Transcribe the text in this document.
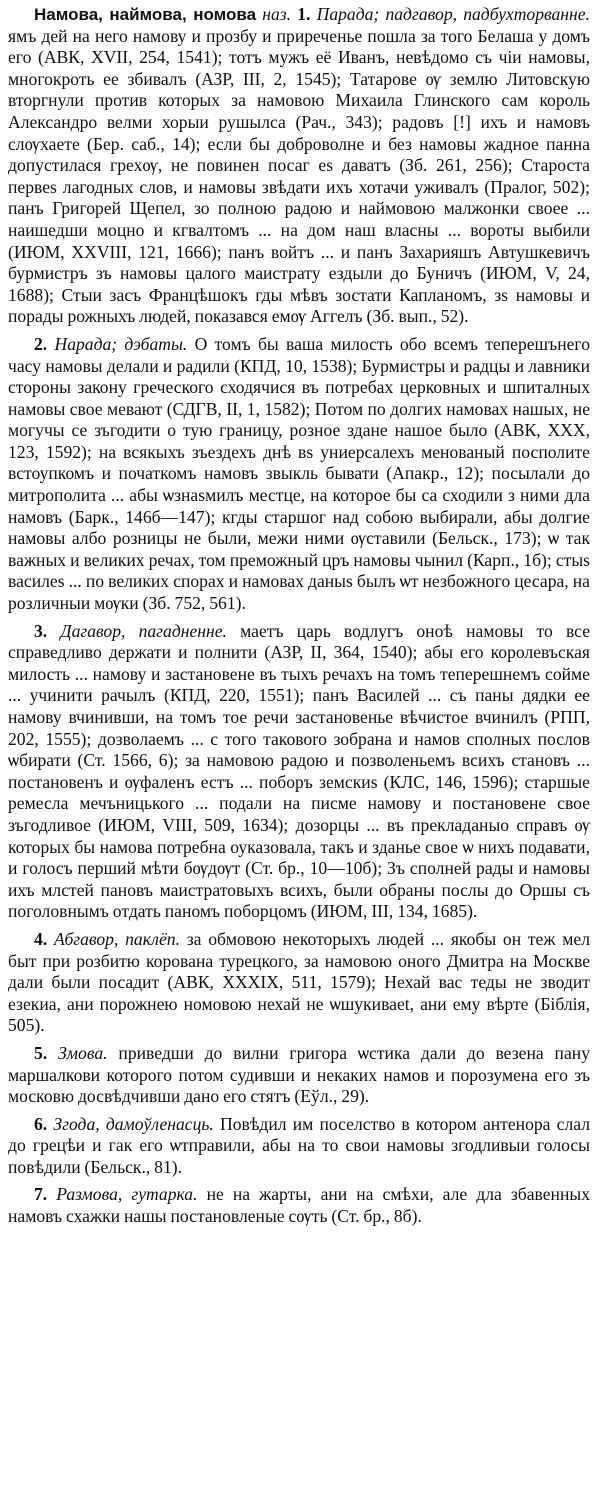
Намова, наймова, номова наз. 1. Парада; падгавор, падбухторванне. ямъ дей на него намову и прозбу и приреченье пошла за того Белаша у домъ его (АВК, XVII, 254, 1541); тотъ мужъ её Иванъ, невѣдомо съ чіи намовы, многокроть ее збивалъ (АЗР, III, 2, 1545); Татарове ѹ землю Литовскую вторгнули против которых за намовою Михаила Глинского сам король Александро велми хорыи рушылса (Рач., 343); радовъ [!] ихъ и намовъ слѹхаете (Бер. саб., 14); если бы доброволне и без намовы жадное панна допустилася грехѹ, не повинен посаг еѕ даватъ (Зб. 261, 256); Староста первеѕ лагодных слов, и намовы звѣдати ихъ хотачи уживалъ (Пралог, 502); панъ Григорей Щепел, зо полною радою и наймовою малжонки своее ... наишедши моцно и кгвалтомъ ... на дом наш власны ... вороты выбили (ИЮМ, XXVIII, 121, 1666); панъ войтъ ... и панъ Захарияшъ Автушкевичъ бурмистръ зъ намовы цалого маистрату ездыли до Буничъ (ИЮМ, V, 24, 1688); Стыи засъ Францѣшокъ гды мѣвъ зостати Капланомъ, зѕ намовы и порады рожныхъ людей, показався емѹ Аггелъ (Зб. вып., 52).

2. Нарада; дэбаты. О томъ бы ваша милость обо всемъ теперешънего часу намовы делали и радили (КПД, 10, 1538); Бурмистры и радцы и лавники стороны закону греческого сходячися въ потребах церковных и шпиталных намовы свое мевают (СДГВ, II, 1, 1582); Потом по долгих намовах нашых, не могучы се зъгодити о тую границу, розное здане нашое было (АВК, XXX, 123, 1592); на всякыхъ зъездехъ днѣ вѕ униерсалехъ менованый посполите встоупкомъ и початкомъ намовъ звыкль бывати (Апакр., 12); посылали до митрополита ... абы ѡзнаѕмилъ местце, на которое бы са сходили з ними дла намовъ (Барк., 146б—147); кгды старшог над собою выбирали, абы долгие намовы албо розницы не были, межи ними ѹставили (Бельск., 173); ѡ так важных и великих речах, том преможный цръ намовы чынил (Карп., 1б); стыѕ василеѕ ... по великих спорах и намовах даныѕ былъ ѡт незбожного цесара, на розличныи мѹки (Зб. 752, 561).

3. Дагавор, пагадненне. маетъ царь водлугъ оноѣ намовы то все справедливо держати и полнити (АЗР, II, 364, 1540); абы его королевъская милость ... намову и застановене въ тыхъ речахъ на томъ теперешнемъ сойме ... учинити рачылъ (КПД, 220, 1551); панъ Василей ... съ паны дядки ее намову вчинивши, на томъ тое речи застановенье вѣчистое вчинилъ (РПП, 202, 1555); дозволаемъ ... с того таковоrо зобрана и намов сполных послов ѡбирати (Ст. 1566, 6); за намовою радою и позволеньемъ всихъ становъ ... постановенъ и ѹфаленъ естъ ... поборъ земскиѕ (КЛС, 146, 1596); старшые ремесла мечъницького ... подали на писме намову и постановене свое зъгодливое (ИЮМ, VIII, 509, 1634); дозорцы ... въ прекладаныо справъ ѹ которых бы намова потребна оуказовала, такъ и зданье свое ѡ нихъ подавати, и голосъ перший мѣти бѹдѹт (Ст. бр., 10—10б); Зъ сполней рады и намовы ихъ млстей пановъ маистратовыхъ всихъ, были обраны послы до Оршы съ поголовнымъ отдать паномъ поборцомъ (ИЮМ, III, 134, 1685).

4. Абгавор, паклёп. за обмовою некоторыхъ людей ... якобы он теж мел быт при розбитю корована турецкого, за намовою оного Дмитра на Москве дали были посадит (АВК, XXXIX, 511, 1579); Нехай вас теды не зводит езекиа, ани порожнею номовою нехай не ѡшукиваеt, ани ему вѣрте (Біблія, 505).

5. Змова. приведши до вилни григора ѡстика дали до везена пану маршалкови которого потом судивши и некаких намов и порозумена его зъ московю досвѣдчивши дано его стятъ (Еўл., 29).

6. Згода, дамоўленасць. Повѣдил им поселство в котором антенора слал до грецѣи и гак его ѡтправили, абы на то свои намовы згодливыи голосы повѣдили (Бельск., 81).

7. Размова, гутарка. не на жарты, ани на смѣхи, але дла збавенных намовъ схажки нашы постановленые сѹть (Ст. бр., 8б).
